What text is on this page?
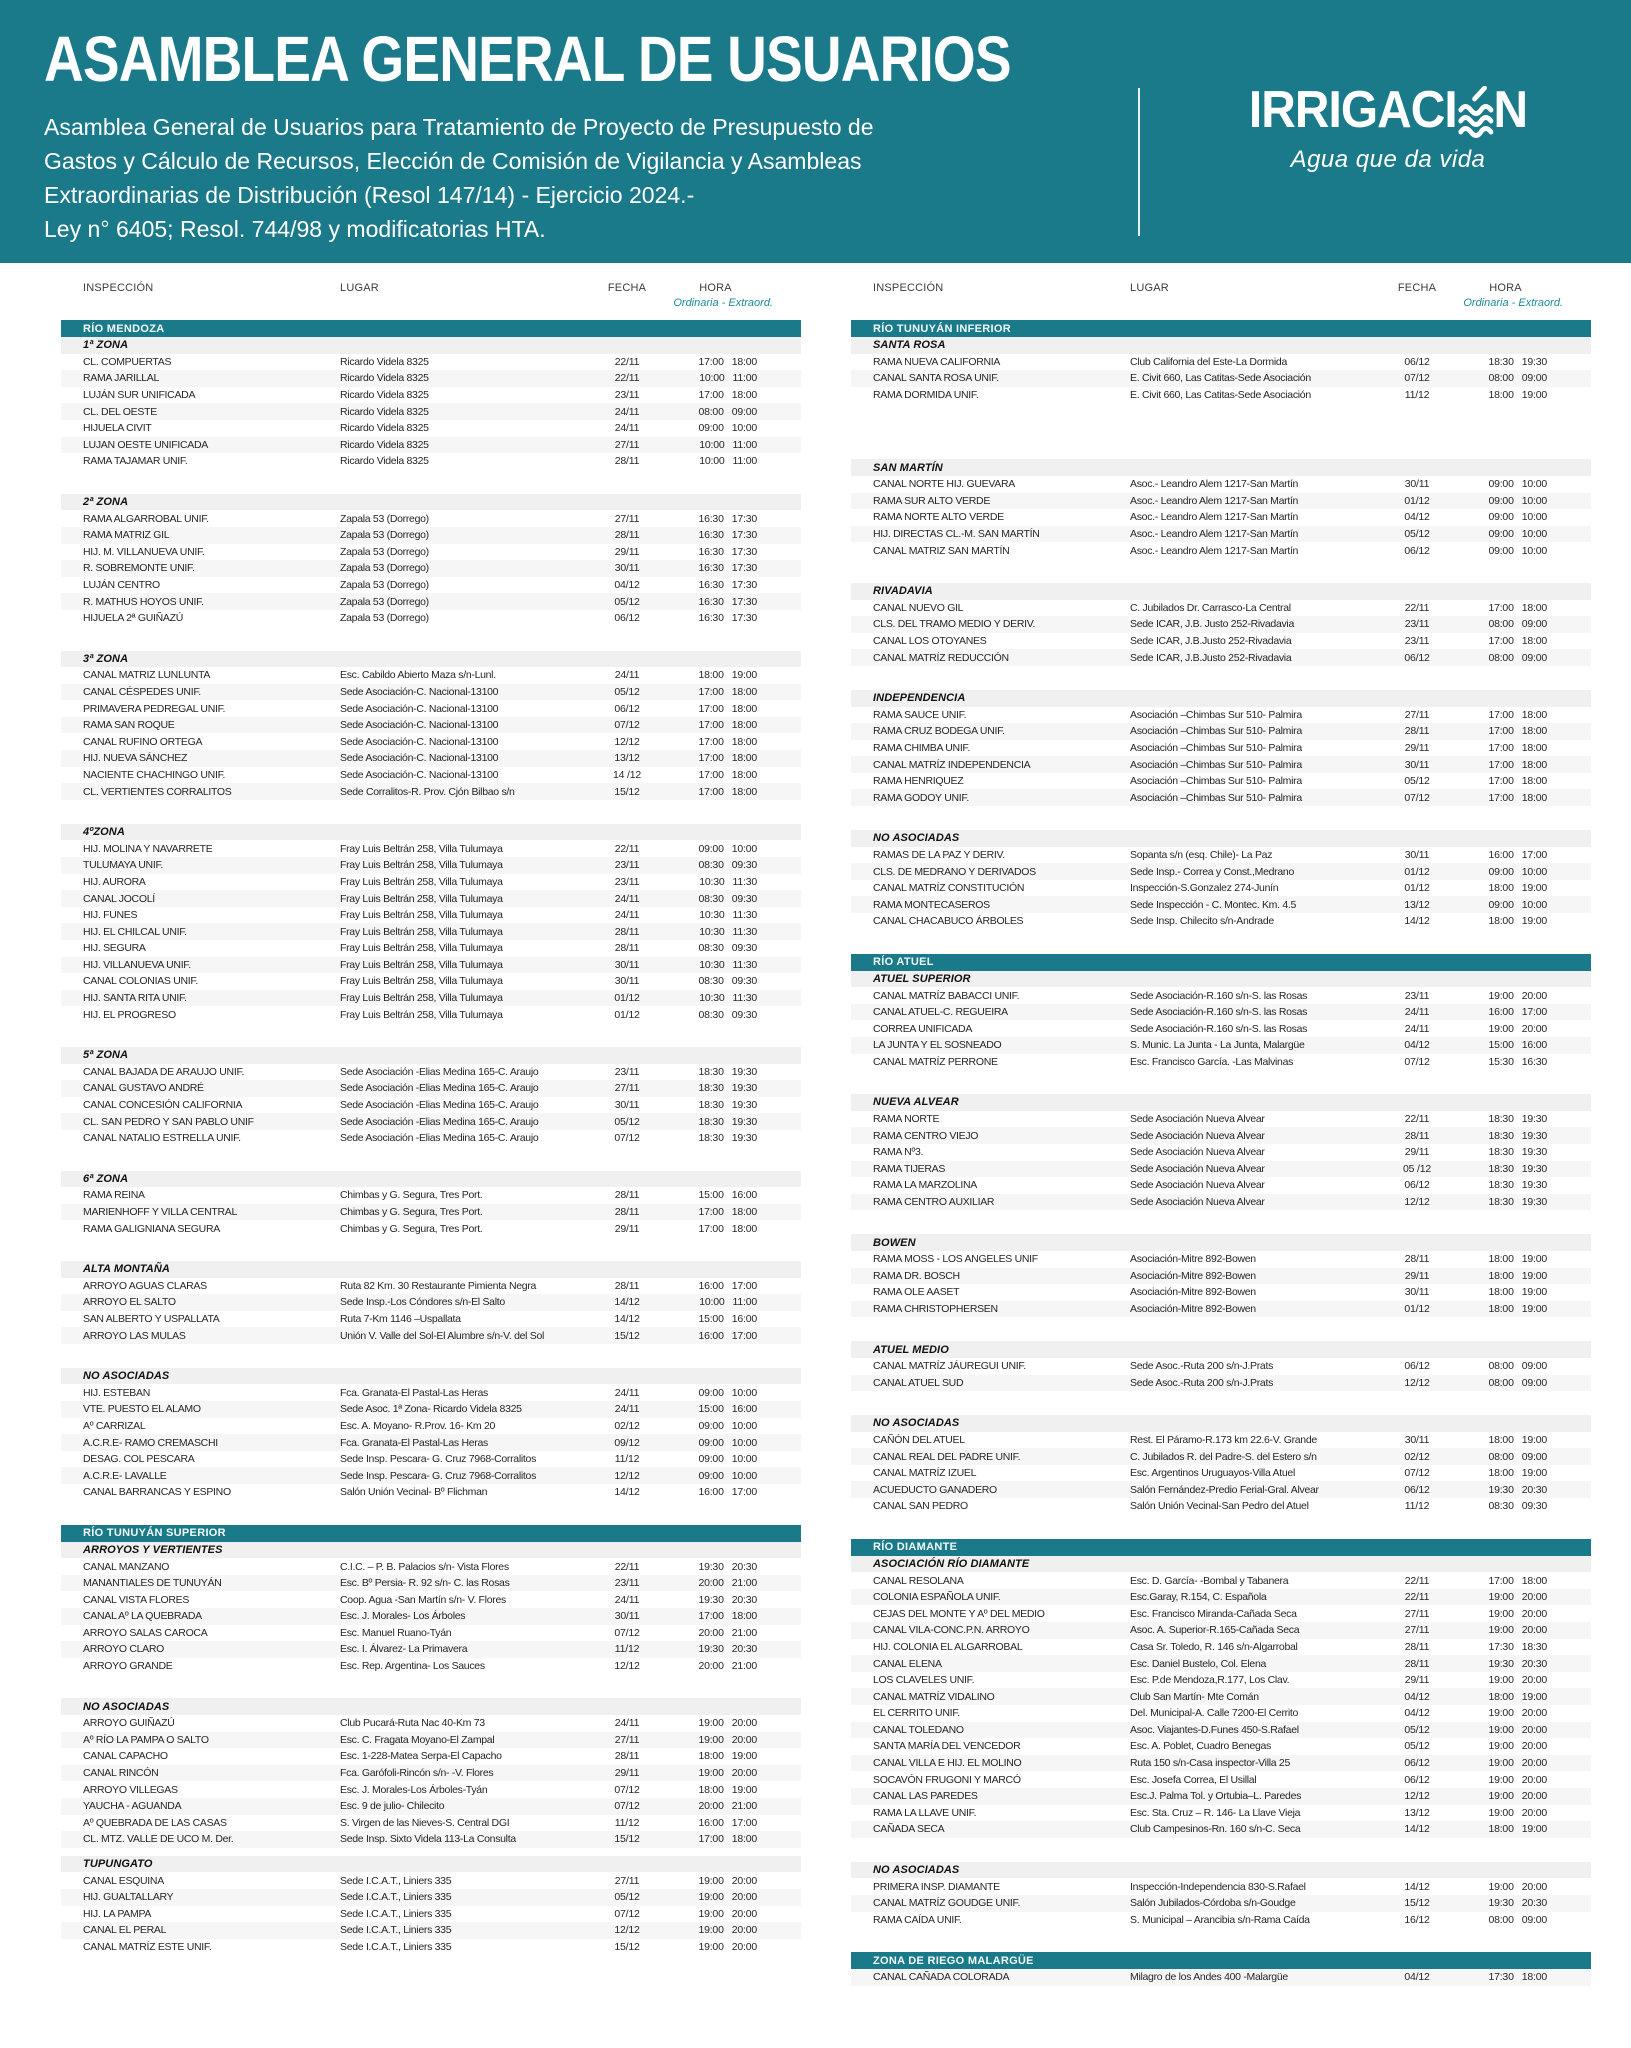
ASAMBLEA GENERAL DE USUARIOS

Asamblea General de Usuarios para Tratamiento de Proyecto de Presupuesto de

Gastos y Cálculo de Recursos, Elección de Comisión de Vigilancia y Asambleas

Extraordinarias de Distribución (Resol 147/14) - Ejercicio 2024.-

Ley n° 6405; Resol. 744/98 y modificatorias HTA.

IRRIGACI N
Agua que da vida
INSPECCIÓN	LUGAR	FECHA	HORA
Ordinaria - Extraord.
RÍO MENDOZA
1ª ZONA
CL. COMPUERTAS	Ricardo Videla 8325	22/11	17:00 18:00
RAMA JARILLAL	Ricardo Videla 8325	22/11	10:00 11:00
LUJÁN SUR UNIFICADA	Ricardo Videla 8325	23/11	17:00 18:00
CL. DEL OESTE	Ricardo Videla 8325	24/11	08:00 09:00
HIJUELA CIVIT	Ricardo Videla 8325	24/11	09:00 10:00
LUJAN OESTE UNIFICADA	Ricardo Videla 8325	27/11	10:00 11:00
RAMA TAJAMAR UNIF.	Ricardo Videla 8325	28/11	10:00 11:00
2ª ZONA
RAMA ALGARROBAL UNIF.	Zapala 53 (Dorrego)	27/11	16:30 17:30
RAMA MATRIZ GIL	Zapala 53 (Dorrego)	28/11	16:30 17:30
HIJ. M. VILLANUEVA UNIF.	Zapala 53 (Dorrego)	29/11	16:30 17:30
R. SOBREMONTE UNIF.	Zapala 53 (Dorrego)	30/11	16:30 17:30
LUJÁN CENTRO	Zapala 53 (Dorrego)	04/12	16:30 17:30
R. MATHUS HOYOS UNIF.	Zapala 53 (Dorrego)	05/12	16:30 17:30
HIJUELA 2ª GUIÑAZÚ	Zapala 53 (Dorrego)	06/12	16:30 17:30
3ª ZONA
CANAL MATRIZ LUNLUNTA	Esc. Cabildo Abierto Maza s/n-Lunl.	24/11	18:00 19:00
CANAL CÉSPEDES UNIF.	Sede Asociación-C. Nacional-13100	05/12	17:00 18:00
PRIMAVERA PEDREGAL UNIF.	Sede Asociación-C. Nacional-13100	06/12	17:00 18:00
RAMA SAN ROQUE	Sede Asociación-C. Nacional-13100	07/12	17:00 18:00
CANAL RUFINO ORTEGA	Sede Asociación-C. Nacional-13100	12/12	17:00 18:00
HIJ. NUEVA SÁNCHEZ	Sede Asociación-C. Nacional-13100	13/12	17:00 18:00
NACIENTE CHACHINGO UNIF.	Sede Asociación-C. Nacional-13100	14 /12	17:00 18:00
CL. VERTIENTES CORRALITOS	Sede Corralitos-R. Prov. Cjón Bilbao s/n	15/12	17:00 18:00
4ºZONA
HIJ. MOLINA Y NAVARRETE	Fray Luis Beltrán 258, Villa Tulumaya	22/11	09:00 10:00
TULUMAYA UNIF.	Fray Luis Beltrán 258, Villa Tulumaya	23/11	08:30 09:30
HIJ. AURORA	Fray Luis Beltrán 258, Villa Tulumaya	23/11	10:30 11:30
CANAL JOCOLÍ	Fray Luis Beltrán 258, Villa Tulumaya	24/11	08:30 09:30
HIJ. FUNES	Fray Luis Beltrán 258, Villa Tulumaya	24/11	10:30 11:30
HIJ. EL CHILCAL UNIF.	Fray Luis Beltrán 258, Villa Tulumaya	28/11	10:30 11:30
HIJ. SEGURA	Fray Luis Beltrán 258, Villa Tulumaya	28/11	08:30 09:30
HIJ. VILLANUEVA UNIF.	Fray Luis Beltrán 258, Villa Tulumaya	30/11	10:30 11:30
CANAL COLONIAS UNIF.	Fray Luis Beltrán 258, Villa Tulumaya	30/11	08:30 09:30
HIJ. SANTA RITA UNIF.	Fray Luis Beltrán 258, Villa Tulumaya	01/12	10:30 11:30
HIJ. EL PROGRESO	Fray Luis Beltrán 258, Villa Tulumaya	01/12	08:30 09:30
5ª ZONA
CANAL BAJADA DE ARAUJO UNIF.	Sede Asociación -Elias Medina 165-C. Araujo	23/11	18:30 19:30
CANAL GUSTAVO ANDRÉ	Sede Asociación -Elias Medina 165-C. Araujo	27/11	18:30 19:30
CANAL CONCESIÓN CALIFORNIA	Sede Asociación -Elias Medina 165-C. Araujo	30/11	18:30 19:30
CL. SAN PEDRO Y SAN PABLO UNIF	Sede Asociación -Elias Medina 165-C. Araujo	05/12	18:30 19:30
CANAL NATALIO ESTRELLA UNIF.	Sede Asociación -Elias Medina 165-C. Araujo	07/12	18:30 19:30
6ª ZONA
RAMA REINA	Chimbas y G. Segura, Tres Port.	28/11	15:00 16:00
MARIENHOFF Y VILLA CENTRAL	Chimbas y G. Segura, Tres Port.	28/11	17:00 18:00
RAMA GALIGNIANA SEGURA	Chimbas y G. Segura, Tres Port.	29/11	17:00 18:00
ALTA MONTAÑA
ARROYO AGUAS CLARAS	Ruta 82 Km. 30 Restaurante Pimienta Negra	28/11	16:00 17:00
ARROYO EL SALTO	Sede Insp.-Los Cóndores s/n-El Salto	14/12	10:00 11:00
SAN ALBERTO Y USPALLATA	Ruta 7-Km 1146 –Uspallata	14/12	15:00 16:00
ARROYO LAS MULAS	Unión V. Valle del Sol-El Alumbre s/n-V. del Sol	15/12	16:00 17:00
NO ASOCIADAS
HIJ. ESTEBAN	Fca. Granata-El Pastal-Las Heras	24/11	09:00 10:00
VTE. PUESTO EL ALAMO	Sede Asoc. 1ª Zona- Ricardo Videla 8325	24/11	15:00 16:00
Aº CARRIZAL	Esc. A. Moyano- R.Prov. 16- Km 20	02/12	09:00 10:00
A.C.R.E- RAMO CREMASCHI	Fca. Granata-El Pastal-Las Heras	09/12	09:00 10:00
DESAG. COL PESCARA	Sede Insp. Pescara- G. Cruz 7968-Corralitos	11/12	09:00 10:00
A.C.R.E- LAVALLE	Sede Insp. Pescara- G. Cruz 7968-Corralitos	12/12	09:00 10:00
CANAL BARRANCAS Y ESPINO	Salón Unión Vecinal- Bº Flichman	14/12	16:00 17:00
RÍO TUNUYÁN SUPERIOR
ARROYOS Y VERTIENTES
CANAL MANZANO	C.I.C. – P. B. Palacios s/n- Vista Flores	22/11	19:30 20:30
MANANTIALES DE TUNUYÁN	Esc. Bº Persia- R. 92 s/n- C. las Rosas	23/11	20:00 21:00
CANAL VISTA FLORES	Coop. Agua -San Martín s/n- V. Flores	24/11	19:30 20:30
CANAL Aº LA QUEBRADA	Esc. J. Morales- Los Árboles	30/11	17:00 18:00
ARROYO SALAS CAROCA	Esc. Manuel Ruano-Tyán	07/12	20:00 21:00
ARROYO CLARO	Esc. I. Álvarez- La Primavera	11/12	19:30 20:30
ARROYO GRANDE	Esc. Rep. Argentina- Los Sauces	12/12	20:00 21:00
NO ASOCIADAS
ARROYO GUIÑAZÚ	Club Pucará-Ruta Nac 40-Km 73	24/11	19:00 20:00
Aº RÍO LA PAMPA O SALTO	Esc. C. Fragata Moyano-El Zampal	27/11	19:00 20:00
CANAL CAPACHO	Esc. 1-228-Matea Serpa-El Capacho	28/11	18:00 19:00
CANAL RINCÓN	Fca. Garófoli-Rincón s/n- -V. Flores	29/11	19:00 20:00
ARROYO VILLEGAS	Esc. J. Morales-Los Árboles-Tyán	07/12	18:00 19:00
YAUCHA - AGUANDA	Esc. 9 de julio- Chilecito	07/12	20:00 21:00
Aº QUEBRADA DE LAS CASAS	S. Virgen de las Nieves-S. Central DGI	11/12	16:00 17:00
CL. MTZ. VALLE DE UCO M. Der.	Sede Insp. Sixto Videla 113-La Consulta	15/12	17:00 18:00
TUPUNGATO
CANAL ESQUINA	Sede I.C.A.T., Liniers 335	27/11	19:00 20:00
HIJ. GUALTALLARY	Sede I.C.A.T., Liniers 335	05/12	19:00 20:00
HIJ. LA PAMPA	Sede I.C.A.T., Liniers 335	07/12	19:00 20:00
CANAL EL PERAL	Sede I.C.A.T., Liniers 335	12/12	19:00 20:00
CANAL MATRÍZ ESTE UNIF.	Sede I.C.A.T., Liniers 335	15/12	19:00 20:00
INSPECCIÓN	LUGAR	FECHA	HORA
Ordinaria - Extraord.
RÍO TUNUYÁN INFERIOR
SANTA ROSA
RAMA NUEVA CALIFORNIA	Club California del Este-La Dormida	06/12	18:30 19:30
CANAL SANTA ROSA UNIF.	E. Civit 660, Las Catitas-Sede Asociación	07/12	08:00 09:00
RAMA DORMIDA UNIF.	E. Civit 660, Las Catitas-Sede Asociación	11/12	18:00 19:00
SAN MARTÍN
CANAL NORTE HIJ. GUEVARA	Asoc.- Leandro Alem 1217-San Martín	30/11	09:00 10:00
RAMA SUR ALTO VERDE	Asoc.- Leandro Alem 1217-San Martín	01/12	09:00 10:00
RAMA NORTE ALTO VERDE	Asoc.- Leandro Alem 1217-San Martín	04/12	09:00 10:00
HIJ. DIRECTAS CL.-M. SAN MARTÍN	Asoc.- Leandro Alem 1217-San Martín	05/12	09:00 10:00
CANAL MATRIZ SAN MARTÍN	Asoc.- Leandro Alem 1217-San Martín	06/12	09:00 10:00
RIVADAVIA
CANAL NUEVO GIL	C. Jubilados Dr. Carrasco-La Central	22/11	17:00 18:00
CLS. DEL TRAMO MEDIO Y DERIV.	Sede ICAR, J.B. Justo 252-Rivadavia	23/11	08:00 09:00
CANAL LOS OTOYANES	Sede ICAR, J.B.Justo 252-Rivadavia	23/11	17:00 18:00
CANAL MATRÍZ REDUCCIÓN	Sede ICAR, J.B.Justo 252-Rivadavia	06/12	08:00 09:00
INDEPENDENCIA
RAMA SAUCE UNIF.	Asociación –Chimbas Sur 510- Palmira	27/11	17:00 18:00
RAMA CRUZ BODEGA UNIF.	Asociación –Chimbas Sur 510- Palmira	28/11	17:00 18:00
RAMA CHIMBA UNIF.	Asociación –Chimbas Sur 510- Palmira	29/11	17:00 18:00
CANAL MATRÍZ INDEPENDENCIA	Asociación –Chimbas Sur 510- Palmira	30/11	17:00 18:00
RAMA HENRIQUEZ	Asociación –Chimbas Sur 510- Palmira	05/12	17:00 18:00
RAMA GODOY UNIF.	Asociación –Chimbas Sur 510- Palmira	07/12	17:00 18:00
NO ASOCIADAS
RAMAS DE LA PAZ Y DERIV.	Sopanta s/n (esq. Chile)- La Paz	30/11	16:00 17:00
CLS. DE MEDRANO Y DERIVADOS	Sede Insp.- Correa y Const.,Medrano	01/12	09:00 10:00
CANAL MATRÍZ CONSTITUCIÓN	Inspección-S.Gonzalez 274-Junín	01/12	18:00 19:00
RAMA MONTECASEROS	Sede Inspección - C. Montec. Km. 4.5	13/12	09:00 10:00
CANAL CHACABUCO ÁRBOLES	Sede Insp. Chilecito s/n-Andrade	14/12	18:00 19:00
RÍO ATUEL
ATUEL SUPERIOR
CANAL MATRÍZ BABACCI UNIF.	Sede Asociación-R.160 s/n-S. las Rosas	23/11	19:00 20:00
CANAL ATUEL-C. REGUEIRA	Sede Asociación-R.160 s/n-S. las Rosas	24/11	16:00 17:00
CORREA UNIFICADA	Sede Asociación-R.160 s/n-S. las Rosas	24/11	19:00 20:00
LA JUNTA Y EL SOSNEADO	S. Munic. La Junta - La Junta, Malargüe	04/12	15:00 16:00
CANAL MATRÍZ PERRONE	Esc. Francisco García. -Las Malvinas	07/12	15:30 16:30
NUEVA ALVEAR
RAMA NORTE	Sede Asociación Nueva Alvear	22/11	18:30 19:30
RAMA CENTRO VIEJO	Sede Asociación Nueva Alvear	28/11	18:30 19:30
RAMA Nº3.	Sede Asociación Nueva Alvear	29/11	18:30 19:30
RAMA TIJERAS	Sede Asociación Nueva Alvear	05 /12	18:30 19:30
RAMA LA MARZOLINA	Sede Asociación Nueva Alvear	06/12	18:30 19:30
RAMA CENTRO AUXILIAR	Sede Asociación Nueva Alvear	12/12	18:30 19:30
BOWEN
RAMA MOSS - LOS ANGELES UNIF	Asociación-Mitre 892-Bowen	28/11	18:00 19:00
RAMA DR. BOSCH	Asociación-Mitre 892-Bowen	29/11	18:00 19:00
RAMA OLE AASET	Asociación-Mitre 892-Bowen	30/11	18:00 19:00
RAMA CHRISTOPHERSEN	Asociación-Mitre 892-Bowen	01/12	18:00 19:00
ATUEL MEDIO
CANAL MATRÍZ JÁUREGUI UNIF.	Sede Asoc.-Ruta 200 s/n-J.Prats	06/12	08:00 09:00
CANAL ATUEL SUD	Sede Asoc.-Ruta 200 s/n-J.Prats	12/12	08:00 09:00
NO ASOCIADAS
CAÑÓN DEL ATUEL	Rest. El Páramo-R.173 km 22.6-V. Grande	30/11	18:00 19:00
CANAL REAL DEL PADRE UNIF.	C. Jubilados R. del Padre-S. del Estero s/n	02/12	08:00 09:00
CANAL MATRÍZ IZUEL	Esc. Argentinos Uruguayos-Villa Atuel	07/12	18:00 19:00
ACUEDUCTO GANADERO	Salón Fernández-Predio Ferial-Gral. Alvear	06/12	19:30 20:30
CANAL SAN PEDRO	Salón Unión Vecinal-San Pedro del Atuel	11/12	08:30 09:30
RÍO DIAMANTE
ASOCIACIÓN RÍO DIAMANTE
CANAL RESOLANA	Esc. D. García- -Bombal y Tabanera	22/11	17:00 18:00
COLONIA ESPAÑOLA UNIF.	Esc.Garay, R.154, C. Española	22/11	19:00 20:00
CEJAS DEL MONTE Y Aº DEL MEDIO	Esc. Francisco Miranda-Cañada Seca	27/11	19:00 20:00
CANAL VILA-CONC.P.N. ARROYO	Asoc. A. Superior-R.165-Cañada Seca	27/11	19:00 20:00
HIJ. COLONIA EL ALGARROBAL	Casa Sr. Toledo, R. 146 s/n-Algarrobal	28/11	17:30 18:30
CANAL ELENA	Esc. Daniel Bustelo, Col. Elena	28/11	19:30 20:30
LOS CLAVELES UNIF.	Esc. P.de Mendoza,R.177, Los Clav.	29/11	19:00 20:00
CANAL MATRÍZ VIDALINO	Club San Martín- Mte Comán	04/12	18:00 19:00
EL CERRITO UNIF.	Del. Municipal-A. Calle 7200-El Cerrito	04/12	19:00 20:00
CANAL TOLEDANO	Asoc. Viajantes-D.Funes 450-S.Rafael	05/12	19:00 20:00
SANTA MARÍA DEL VENCEDOR	Esc. A. Poblet, Cuadro Benegas	05/12	19:00 20:00
CANAL VILLA E HIJ. EL MOLINO	Ruta 150 s/n-Casa inspector-Villa 25	06/12	19:00 20:00
SOCAVÓN FRUGONI Y MARCÓ	Esc. Josefa Correa, El Usillal	06/12	19:00 20:00
CANAL LAS PAREDES	Esc.J. Palma Tol. y Ortubia–L. Paredes	12/12	19:00 20:00
RAMA LA LLAVE UNIF.	Esc. Sta. Cruz – R. 146- La Llave Vieja	13/12	19:00 20:00
CAÑADA SECA	Club Campesinos-Rn. 160 s/n-C. Seca	14/12	18:00 19:00
NO ASOCIADAS
PRIMERA INSP. DIAMANTE	Inspección-Independencia 830-S.Rafael	14/12	19:00 20:00
CANAL MATRÍZ GOUDGE UNIF.	Salón Jubilados-Córdoba s/n-Goudge	15/12	19:30 20:30
RAMA CAÍDA UNIF.	S. Municipal – Arancibia s/n-Rama Caída	16/12	08:00 09:00
ZONA DE RIEGO MALARGÜE
CANAL CAÑADA COLORADA	Milagro de los Andes 400 -Malargüe	04/12	17:30 18:00
